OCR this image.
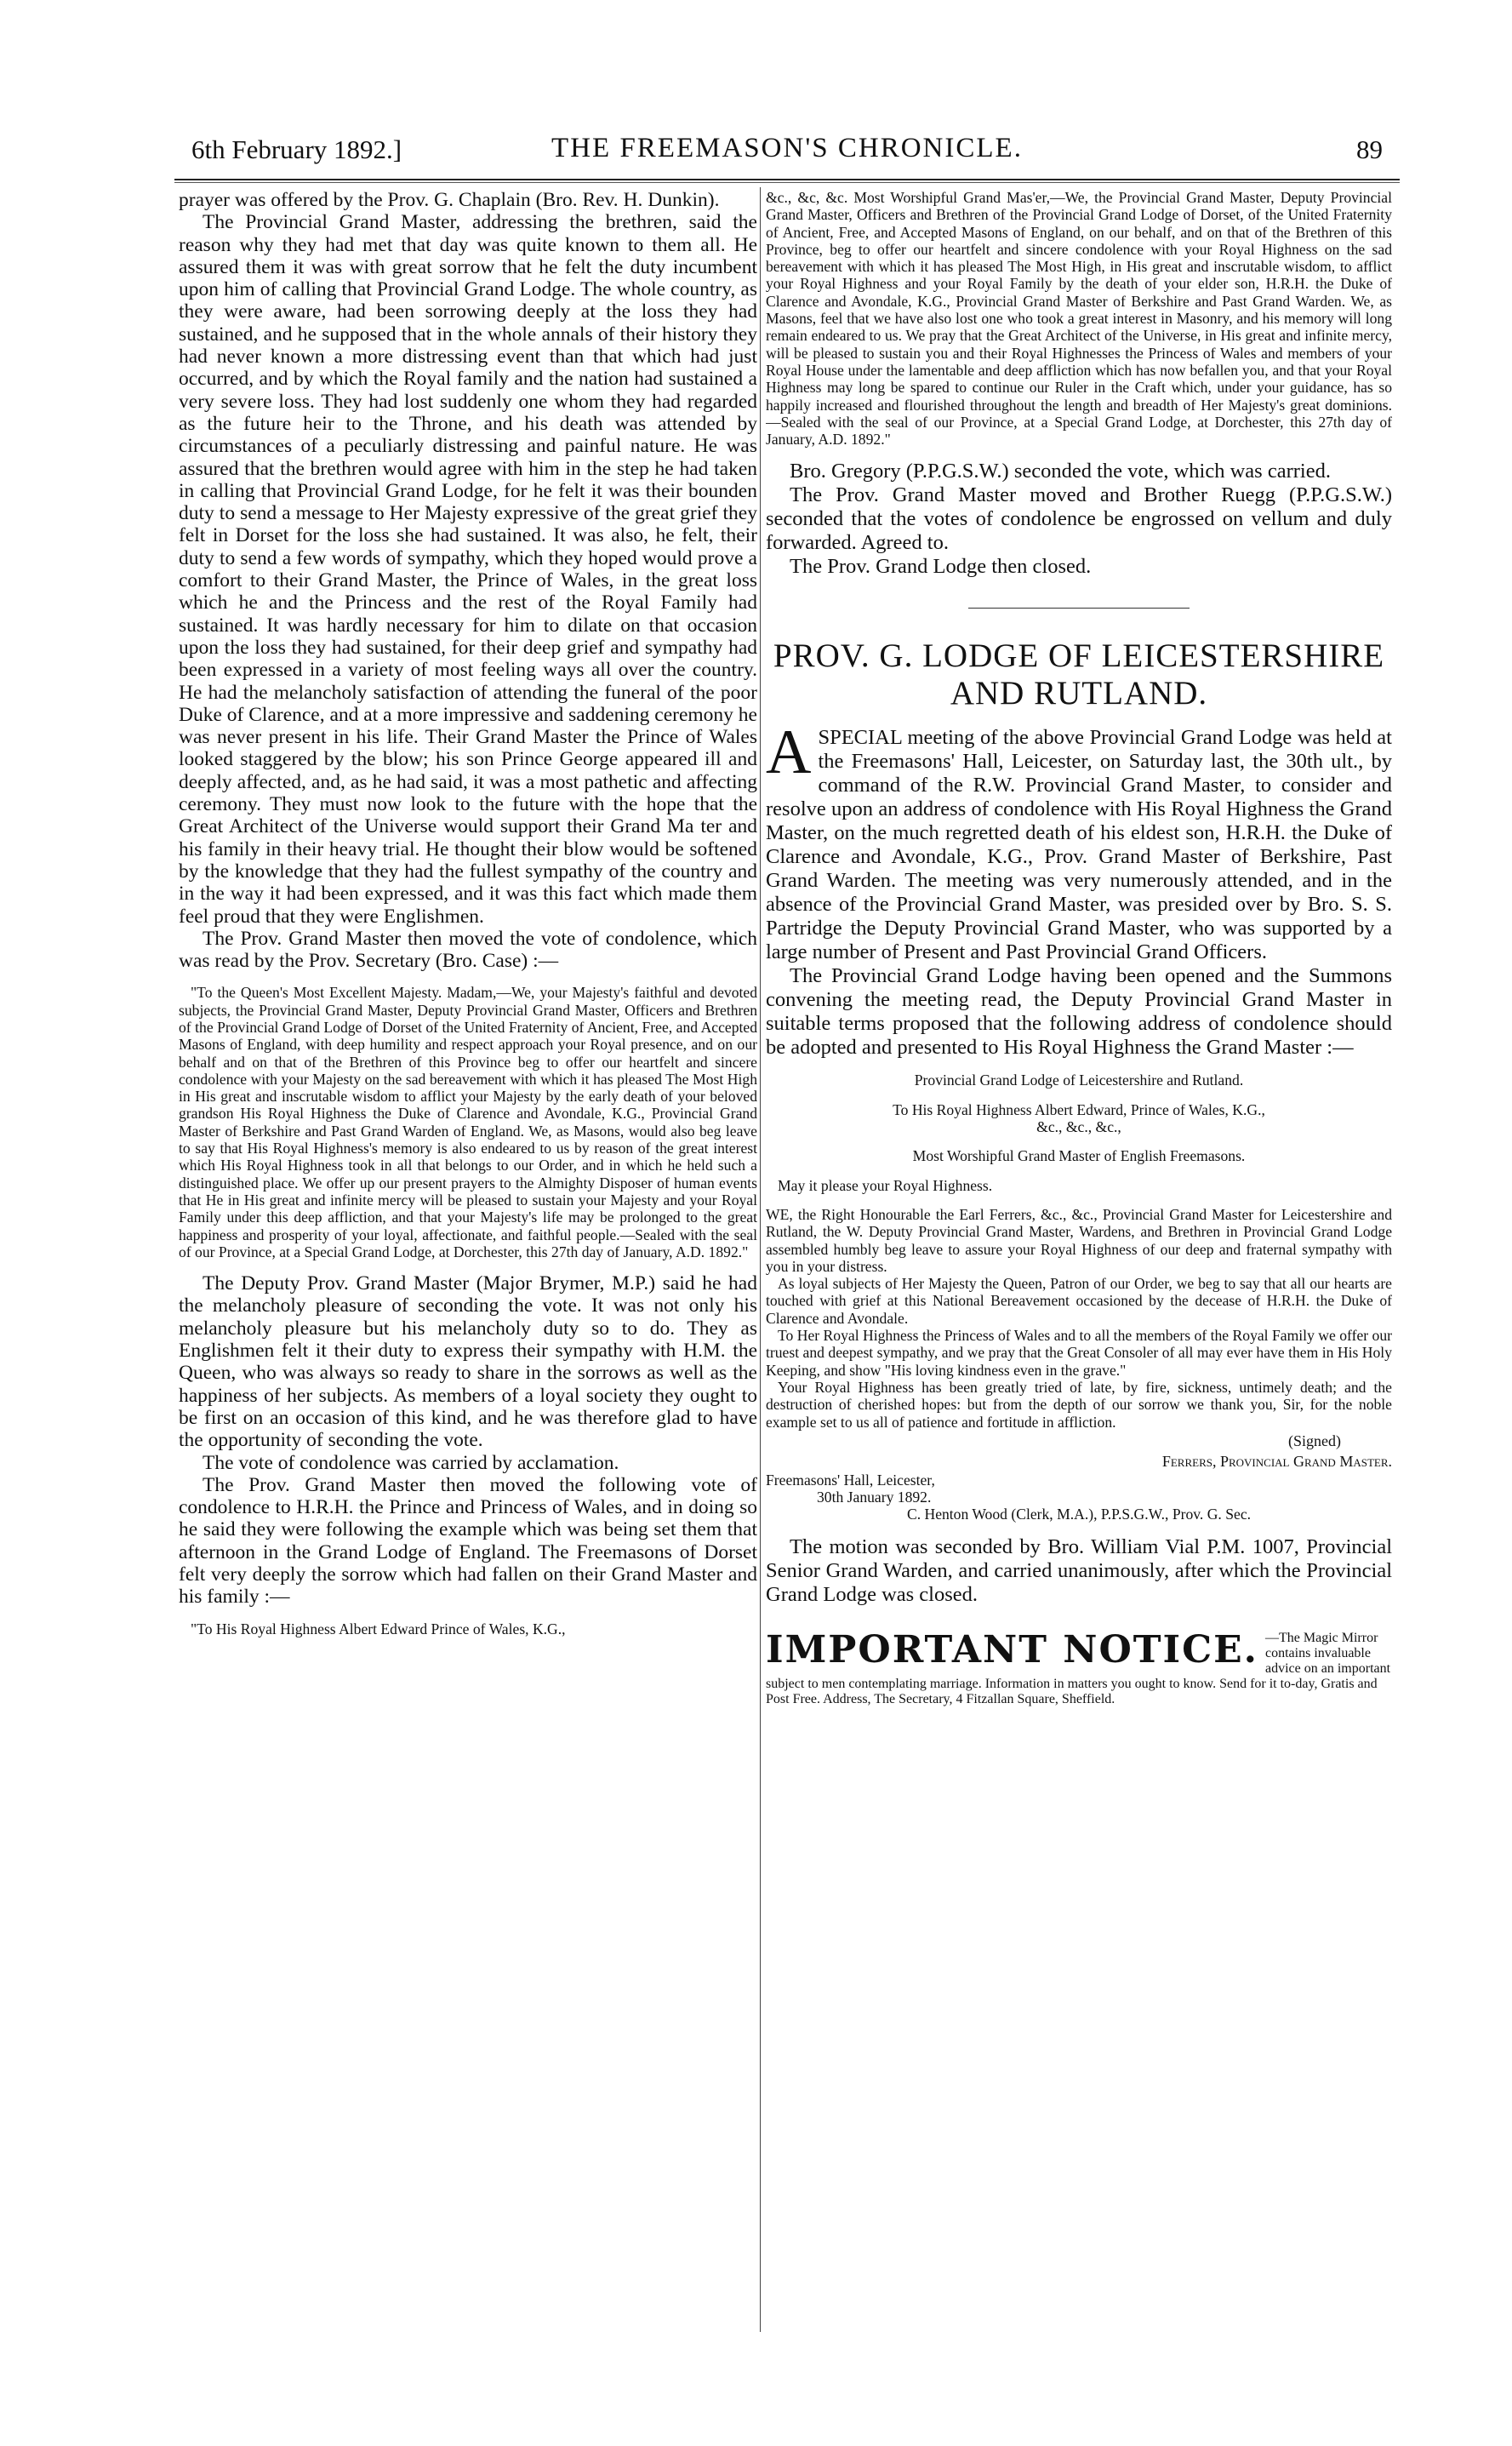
6th February 1892.]	THE FREEMASON'S CHRONICLE.	89

prayer was offered by the Prov. G. Chaplain (Bro. Rev. H. Dunkin).

The Provincial Grand Master, addressing the brethren, said the reason why they had met that day was quite known to them all. He assured them it was with great sorrow that he felt the duty incumbent upon him of calling that Provincial Grand Lodge. The whole country, as they were aware, had been sorrowing deeply at the loss they had sustained, and he supposed that in the whole annals of their history they had never known a more distressing event than that which had just occurred, and by which the Royal family and the nation had sustained a very severe loss. They had lost suddenly one whom they had regarded as the future heir to the Throne, and his death was attended by circumstances of a peculiarly distressing and painful nature. He was assured that the brethren would agree with him in the step he had taken in calling that Provincial Grand Lodge, for he felt it was their bounden duty to send a message to Her Majesty expressive of the great grief they felt in Dorset for the loss she had sustained. It was also, he felt, their duty to send a few words of sympathy, which they hoped would prove a comfort to their Grand Master, the Prince of Wales, in the great loss which he and the Princess and the rest of the Royal Family had sustained. It was hardly necessary for him to dilate on that occasion upon the loss they had sustained, for their deep grief and sympathy had been expressed in a variety of most feeling ways all over the country. He had the melancholy satisfaction of attending the funeral of the poor Duke of Clarence, and at a more impressive and saddening ceremony he was never present in his life. Their Grand Master the Prince of Wales looked staggered by the blow; his son Prince George appeared ill and deeply affected, and, as he had said, it was a most pathetic and affecting ceremony. They must now look to the future with the hope that the Great Architect of the Universe would support their Grand Ma ter and his family in their heavy trial. He thought their blow would be softened by the knowledge that they had the fullest sympathy of the country and in the way it had been expressed, and it was this fact which made them feel proud that they were Englishmen.

The Prov. Grand Master then moved the vote of condolence, which was read by the Prov. Secretary (Bro. Case) :—

"To the Queen's Most Excellent Majesty. Madam,—We, your Majesty's faithful and devoted subjects, the Provincial Grand Master, Deputy Provincial Grand Master, Officers and Brethren of the Provincial Grand Lodge of Dorset of the United Fraternity of Ancient, Free, and Accepted Masons of England, with deep humility and respect approach your Royal presence, and on our behalf and on that of the Brethren of this Province beg to offer our heartfelt and sincere condolence with your Majesty on the sad bereavement with which it has pleased The Most High in His great and inscrutable wisdom to afflict your Majesty by the early death of your beloved grandson His Royal Highness the Duke of Clarence and Avondale, K.G., Provincial Grand Master of Berkshire and Past Grand Warden of England. We, as Masons, would also beg leave to say that His Royal Highness's memory is also endeared to us by reason of the great interest which His Royal Highness took in all that belongs to our Order, and in which he held such a distinguished place. We offer up our present prayers to the Almighty Disposer of human events that He in His great and infinite mercy will be pleased to sustain your Majesty and your Royal Family under this deep affliction, and that your Majesty's life may be prolonged to the great happiness and prosperity of your loyal, affectionate, and faithful people.—Sealed with the seal of our Province, at a Special Grand Lodge, at Dorchester, this 27th day of January, A.D. 1892."

The Deputy Prov. Grand Master (Major Brymer, M.P.) said he had the melancholy pleasure of seconding the vote. It was not only his melancholy pleasure but his melancholy duty so to do. They as Englishmen felt it their duty to express their sympathy with H.M. the Queen, who was always so ready to share in the sorrows as well as the happiness of her subjects. As members of a loyal society they ought to be first on an occasion of this kind, and he was therefore glad to have the opportunity of seconding the vote.

The vote of condolence was carried by acclamation.

The Prov. Grand Master then moved the following vote of condolence to H.R.H. the Prince and Princess of Wales, and in doing so he said they were following the example which was being set them that afternoon in the Grand Lodge of England. The Freemasons of Dorset felt very deeply the sorrow which had fallen on their Grand Master and his family :—

"To His Royal Highness Albert Edward Prince of Wales, K.G.,

&c., &c, &c. Most Worshipful Grand Mas'er,—We, the Provincial Grand Master, Deputy Provincial Grand Master, Officers and Brethren of the Provincial Grand Lodge of Dorset, of the United Fraternity of Ancient, Free, and Accepted Masons of England, on our behalf, and on that of the Brethren of this Province, beg to offer our heartfelt and sincere condolence with your Royal Highness on the sad bereavement with which it has pleased The Most High, in His great and inscrutable wisdom, to afflict your Royal Highness and your Royal Family by the death of your elder son, H.R.H. the Duke of Clarence and Avondale, K.G., Provincial Grand Master of Berkshire and Past Grand Warden. We, as Masons, feel that we have also lost one who took a great interest in Masonry, and his memory will long remain endeared to us. We pray that the Great Architect of the Universe, in His great and infinite mercy, will be pleased to sustain you and their Royal Highnesses the Princess of Wales and members of your Royal House under the lamentable and deep affliction which has now befallen you, and that your Royal Highness may long be spared to continue our Ruler in the Craft which, under your guidance, has so happily increased and flourished throughout the length and breadth of Her Majesty's great dominions. —Sealed with the seal of our Province, at a Special Grand Lodge, at Dorchester, this 27th day of January, A.D. 1892."

Bro. Gregory (P.P.G.S.W.) seconded the vote, which was carried.

The Prov. Grand Master moved and Brother Ruegg (P.P.G.S.W.) seconded that the votes of condolence be engrossed on vellum and duly forwarded. Agreed to.

The Prov. Grand Lodge then closed.

PROV. G. LODGE OF LEICESTERSHIRE AND RUTLAND.

ASPECIAL meeting of the above Provincial Grand Lodge was held at the Freemasons' Hall, Leicester, on Saturday last, the 30th ult., by command of the R.W. Provincial Grand Master, to consider and resolve upon an address of condolence with His Royal Highness the Grand Master, on the much regretted death of his eldest son, H.R.H. the Duke of Clarence and Avondale, K.G., Prov. Grand Master of Berkshire, Past Grand Warden. The meeting was very numerously attended, and in the absence of the Provincial Grand Master, was presided over by Bro. S. S. Partridge the Deputy Provincial Grand Master, who was supported by a large number of Present and Past Provincial Grand Officers.

The Provincial Grand Lodge having been opened and the Summons convening the meeting read, the Deputy Provincial Grand Master in suitable terms proposed that the following address of condolence should be adopted and presented to His Royal Highness the Grand Master :—

Provincial Grand Lodge of Leicestershire and Rutland.

To His Royal Highness Albert Edward, Prince of Wales, K.G.,

&c., &c., &c.,

Most Worshipful Grand Master of English Freemasons.

May it please your Royal Highness.

WE, the Right Honourable the Earl Ferrers, &c., &c., Provincial Grand Master for Leicestershire and Rutland, the W. Deputy Provincial Grand Master, Wardens, and Brethren in Provincial Grand Lodge assembled humbly beg leave to assure your Royal Highness of our deep and fraternal sympathy with you in your distress.

As loyal subjects of Her Majesty the Queen, Patron of our Order, we beg to say that all our hearts are touched with grief at this National Bereavement occasioned by the decease of H.R.H. the Duke of Clarence and Avondale.

To Her Royal Highness the Princess of Wales and to all the members of the Royal Family we offer our truest and deepest sympathy, and we pray that the Great Consoler of all may ever have them in His Holy Keeping, and show "His loving kindness even in the grave."

Your Royal Highness has been greatly tried of late, by fire, sickness, untimely death; and the destruction of cherished hopes: but from the depth of our sorrow we thank you, Sir, for the noble example set to us all of patience and fortitude in affliction.

(Signed)

Ferrers, Provincial Grand Master.

Freemasons' Hall, Leicester,

30th January 1892.

C. Henton Wood (Clerk, M.A.), P.P.S.G.W., Prov. G. Sec.

The motion was seconded by Bro. William Vial P.M. 1007, Provincial Senior Grand Warden, and carried unanimously, after which the Provincial Grand Lodge was closed.

IMPORTANT NOTICE. —The Magic Mirror contains invaluable advice on an important subject to men contemplating marriage. Information in matters you ought to know. Send for it to-day, Gratis and Post Free. Address, The Secretary, 4 Fitzallan Square, Sheffield.
